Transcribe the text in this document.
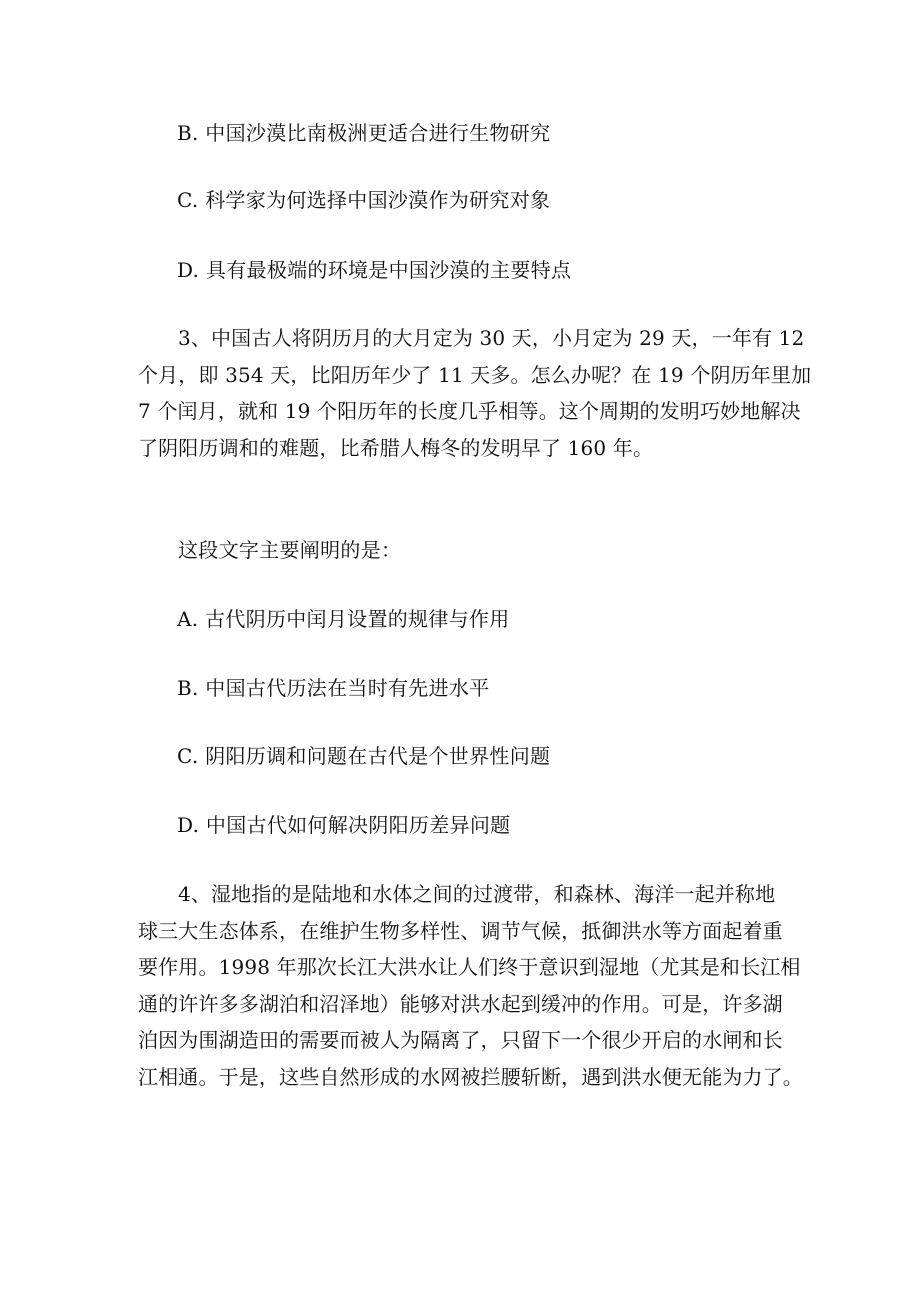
B. 中国沙漠比南极洲更适合进行生物研究
C. 科学家为何选择中国沙漠作为研究对象
D. 具有最极端的环境是中国沙漠的主要特点
3、中国古人将阴历月的大月定为 30 天，小月定为 29 天，一年有 12
个月，即 354 天，比阳历年少了 11 天多。怎么办呢？在 19 个阴历年里加
7 个闰月，就和 19 个阳历年的长度几乎相等。这个周期的发明巧妙地解决
了阴阳历调和的难题，比希腊人梅冬的发明早了 160 年。
这段文字主要阐明的是：
A. 古代阴历中闰月设置的规律与作用
B. 中国古代历法在当时有先进水平
C. 阴阳历调和问题在古代是个世界性问题
D. 中国古代如何解决阴阳历差异问题
4、湿地指的是陆地和水体之间的过渡带，和森林、海洋一起并称地
球三大生态体系，在维护生物多样性、调节气候，抵御洪水等方面起着重
要作用。1998 年那次长江大洪水让人们终于意识到湿地（尤其是和长江相
通的许许多多湖泊和沼泽地）能够对洪水起到缓冲的作用。可是，许多湖
泊因为围湖造田的需要而被人为隔离了，只留下一个很少开启的水闸和长
江相通。于是，这些自然形成的水网被拦腰斩断，遇到洪水便无能为力了。
